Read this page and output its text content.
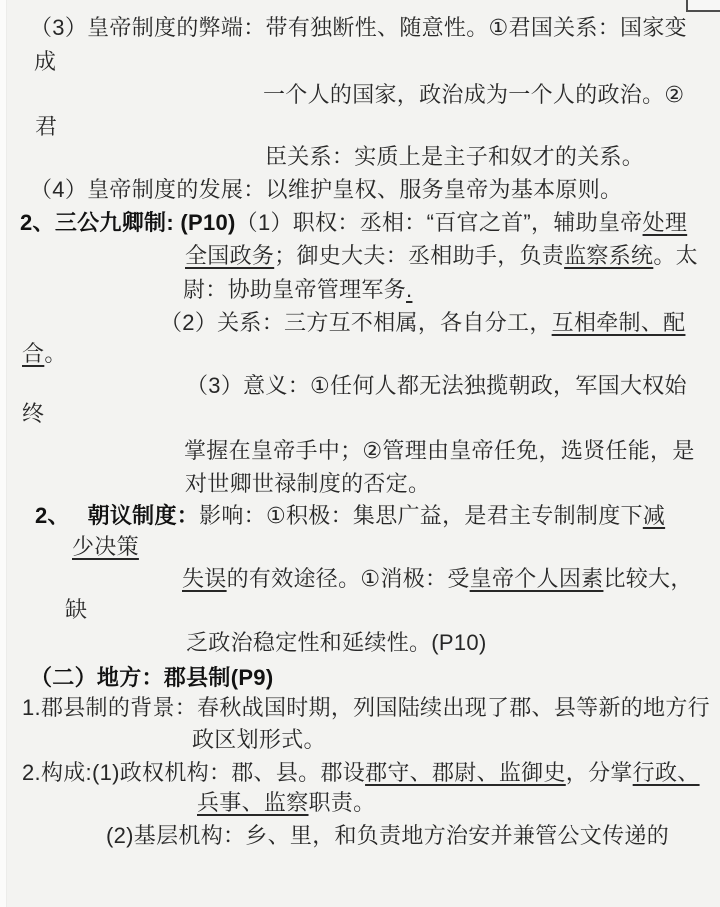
（3）皇帝制度的弊端：带有独断性、随意性。①君国关系：国家变
成
一个人的国家，政治成为一个人的政治。②
君
臣关系：实质上是主子和奴才的关系。
（4）皇帝制度的发展：以维护皇权、服务皇帝为基本原则。
2、三公九卿制: (P10)（1）职权：丞相：“百官之首”，辅助皇帝处理
全国政务；御史大夫：丞相助手，负责监察系统。太
尉：协助皇帝管理军务.
（2）关系：三方互不相属，各自分工，互相牵制、配
合。
（3）意义：①任何人都无法独揽朝政，军国大权始
终
掌握在皇帝手中；②管理由皇帝任免，选贤任能，是
对世卿世禄制度的否定。
2、　 朝议制度：影响：①积极：集思广益，是君主专制制度下减
少决策
失误的有效途径。①消极：受皇帝个人因素比较大，
缺
乏政治稳定性和延续性。(P10)
（二）地方：郡县制(P9)
1.郡县制的背景：春秋战国时期，列国陆续出现了郡、县等新的地方行
政区划形式。
2.构成:(1)政权机构：郡、县。郡设郡守、郡尉、监御史，分掌行政、
兵事、监察职责。
(2)基层机构：乡、里，和负责地方治安并兼管公文传递的
